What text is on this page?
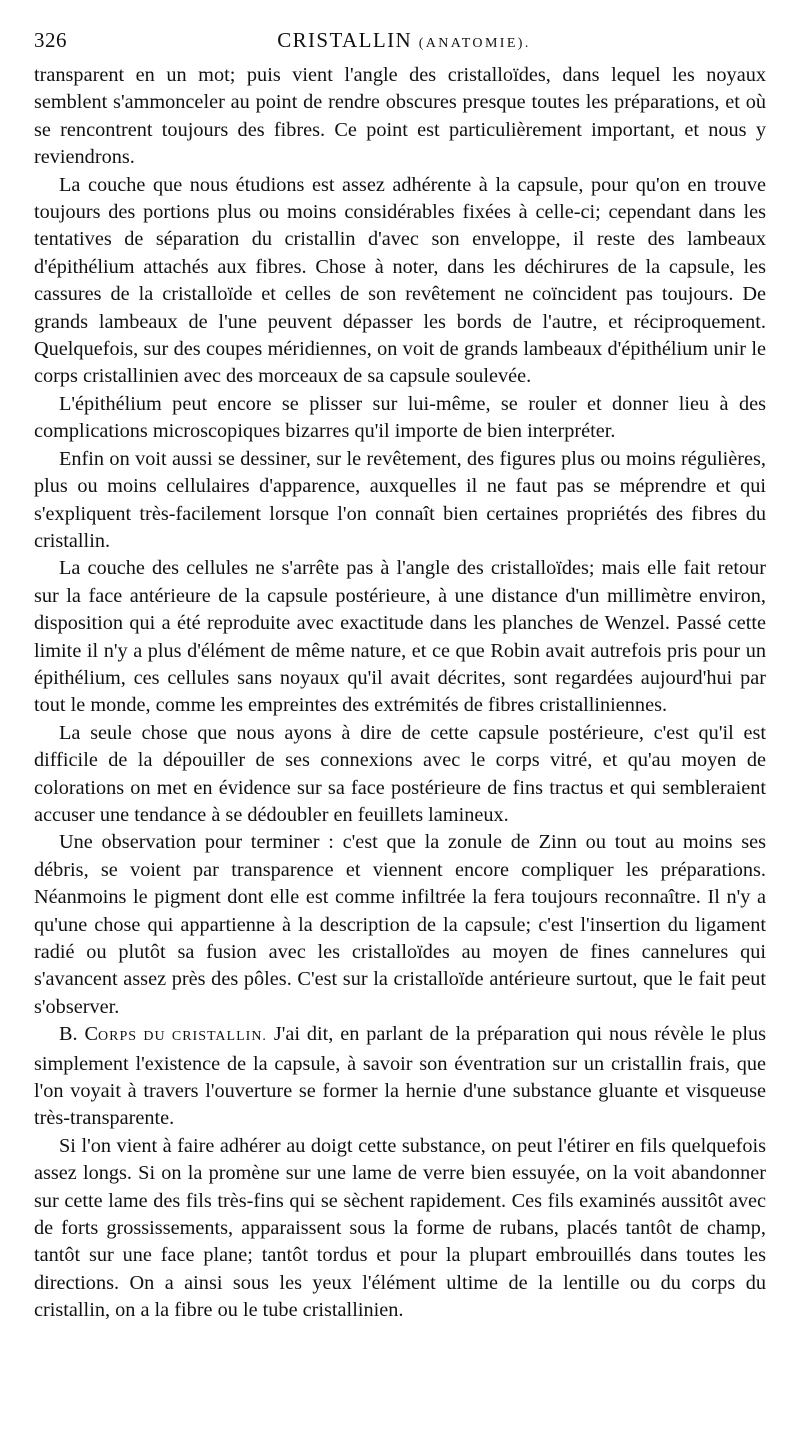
326	CRISTALLIN (ANATOMIE).

transparent en un mot; puis vient l'angle des cristalloïdes, dans lequel les noyaux semblent s'ammonceler au point de rendre obscures presque toutes les préparations, et où se rencontrent toujours des fibres. Ce point est particulièrement important, et nous y reviendrons.

La couche que nous étudions est assez adhérente à la capsule, pour qu'on en trouve toujours des portions plus ou moins considérables fixées à celle-ci; cependant dans les tentatives de séparation du cristallin d'avec son enveloppe, il reste des lambeaux d'épithélium attachés aux fibres. Chose à noter, dans les déchirures de la capsule, les cassures de la cristalloïde et celles de son revêtement ne coïncident pas toujours. De grands lambeaux de l'une peuvent dépasser les bords de l'autre, et réciproquement. Quelquefois, sur des coupes méridiennes, on voit de grands lambeaux d'épithélium unir le corps cristallinien avec des morceaux de sa capsule soulevée.

L'épithélium peut encore se plisser sur lui-même, se rouler et donner lieu à des complications microscopiques bizarres qu'il importe de bien interpréter.

Enfin on voit aussi se dessiner, sur le revêtement, des figures plus ou moins régulières, plus ou moins cellulaires d'apparence, auxquelles il ne faut pas se méprendre et qui s'expliquent très-facilement lorsque l'on connaît bien certaines propriétés des fibres du cristallin.

La couche des cellules ne s'arrête pas à l'angle des cristalloïdes; mais elle fait retour sur la face antérieure de la capsule postérieure, à une distance d'un millimètre environ, disposition qui a été reproduite avec exactitude dans les planches de Wenzel. Passé cette limite il n'y a plus d'élément de même nature, et ce que Robin avait autrefois pris pour un épithélium, ces cellules sans noyaux qu'il avait décrites, sont regardées aujourd'hui par tout le monde, comme les empreintes des extrémités de fibres cristalliniennes.

La seule chose que nous ayons à dire de cette capsule postérieure, c'est qu'il est difficile de la dépouiller de ses connexions avec le corps vitré, et qu'au moyen de colorations on met en évidence sur sa face postérieure de fins tractus et qui sembleraient accuser une tendance à se dédoubler en feuillets lamineux.

Une observation pour terminer : c'est que la zonule de Zinn ou tout au moins ses débris, se voient par transparence et viennent encore compliquer les préparations. Néanmoins le pigment dont elle est comme infiltrée la fera toujours reconnaître. Il n'y a qu'une chose qui appartienne à la description de la capsule; c'est l'insertion du ligament radié ou plutôt sa fusion avec les cristalloïdes au moyen de fines cannelures qui s'avancent assez près des pôles. C'est sur la cristalloïde antérieure surtout, que le fait peut s'observer.

B. CORPS DU CRISTALLIN. J'ai dit, en parlant de la préparation qui nous révèle le plus simplement l'existence de la capsule, à savoir son éventration sur un cristallin frais, que l'on voyait à travers l'ouverture se former la hernie d'une substance gluante et visqueuse très-transparente.

Si l'on vient à faire adhérer au doigt cette substance, on peut l'étirer en fils quelquefois assez longs. Si on la promène sur une lame de verre bien essuyée, on la voit abandonner sur cette lame des fils très-fins qui se sèchent rapidement. Ces fils examinés aussitôt avec de forts grossissements, apparaissent sous la forme de rubans, placés tantôt de champ, tantôt sur une face plane; tantôt tordus et pour la plupart embrouillés dans toutes les directions. On a ainsi sous les yeux l'élément ultime de la lentille ou du corps du cristallin, on a la fibre ou le tube cristallinien.
